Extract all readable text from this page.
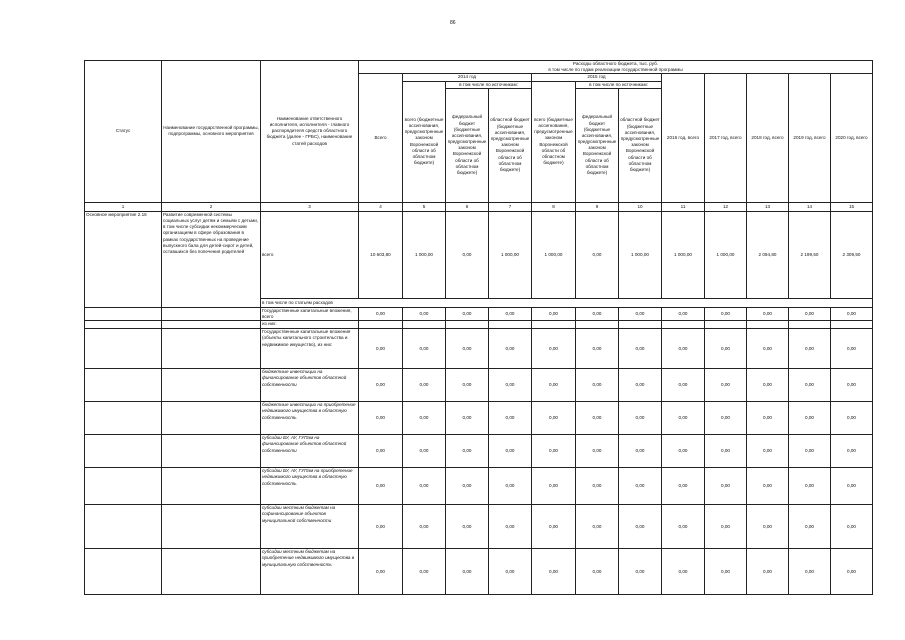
86
Статус	Наименование государственной программы, подпрограммы, основного мероприятия	Наименование ответственного исполнителя, исполнителя - главного распорядителя средств областного бюджета (далее - ГРБС), наименование статей расходов	Расходы областного бюджета, тыс. руб.
в том числе по годам реализации государственной программы											

			Всего	2014 год			2015 год			2016 год, всего	2017 год, всего	2018 год, всего	2019 год, всего	2020 год, всего
				всего (бюджетные ассигнования, предусмотренные законом Воронежской области об областном бюджете)	в том числе по источникам:		всего (бюджетные ассигнования, предусмотренные законом Воронежской области об областном бюджете)	в том числе по источникам:						
					федеральный бюджет (бюджетные ассигнования, предусмотренные законом Воронежской области об областном бюджете)	областной бюджет (бюджетные ассигнования, предусмотренные законом Воронежской области об областном бюджете)		федеральный бюджет (бюджетные ассигнования, предусмотренные законом Воронежской области об областном бюджете)	областной бюджет (бюджетные ассигнования, предусмотренные законом Воронежской области об областном бюджете)					
1	2	3	4	5	6	7	8	9	10	11	12	13	14	15
Основное мероприятие 2.16	Развитие современной системы социальных услуг детям и семьям с детьми, в том числе субсидии некоммерческим организациям в сфере образования в рамках государственных на проведение выпускного бала для детей-сирот и детей, оставшихся без попечения родителей	всего	10 603,80	1 000,00	0,00	1 000,00	1 000,00	0,00	1 000,00	1 000,00	1 000,00	2 094,80	2 199,50	2 309,50
		в том числе по статьям расходов												
		Государственные капитальные вложения, всего	0,00	0,00	0,00	0,00	0,00	0,00	0,00	0,00	0,00	0,00	0,00	0,00
		из них:												
		Государственные капитальные вложения (объекты капитального строительства и недвижимое имущество), из них:	0,00	0,00	0,00	0,00	0,00	0,00	0,00	0,00	0,00	0,00	0,00	0,00
		бюджетные инвестиции на финансирование объектов областной собственности	0,00	0,00	0,00	0,00	0,00	0,00	0,00	0,00	0,00	0,00	0,00	0,00
		бюджетные инвестиции на приобретение недвижимого имущества в областную собственность	0,00	0,00	0,00	0,00	0,00	0,00	0,00	0,00	0,00	0,00	0,00	0,00
		субсидии БУ, АУ, ГУПам на финансирование объектов областной собственности	0,00	0,00	0,00	0,00	0,00	0,00	0,00	0,00	0,00	0,00	0,00	0,00
		субсидии БУ, АУ, ГУПам на приобретение недвижимого имущества в областную собственность	0,00	0,00	0,00	0,00	0,00	0,00	0,00	0,00	0,00	0,00	0,00	0,00
		субсидии местным бюджетам на софинансирование объектов муниципальной собственности	0,00	0,00	0,00	0,00	0,00	0,00	0,00	0,00	0,00	0,00	0,00	0,00
		субсидии местным бюджетам на приобретение недвижимого имущества в муниципальную собственность	0,00	0,00	0,00	0,00	0,00	0,00	0,00	0,00	0,00	0,00	0,00	0,00
